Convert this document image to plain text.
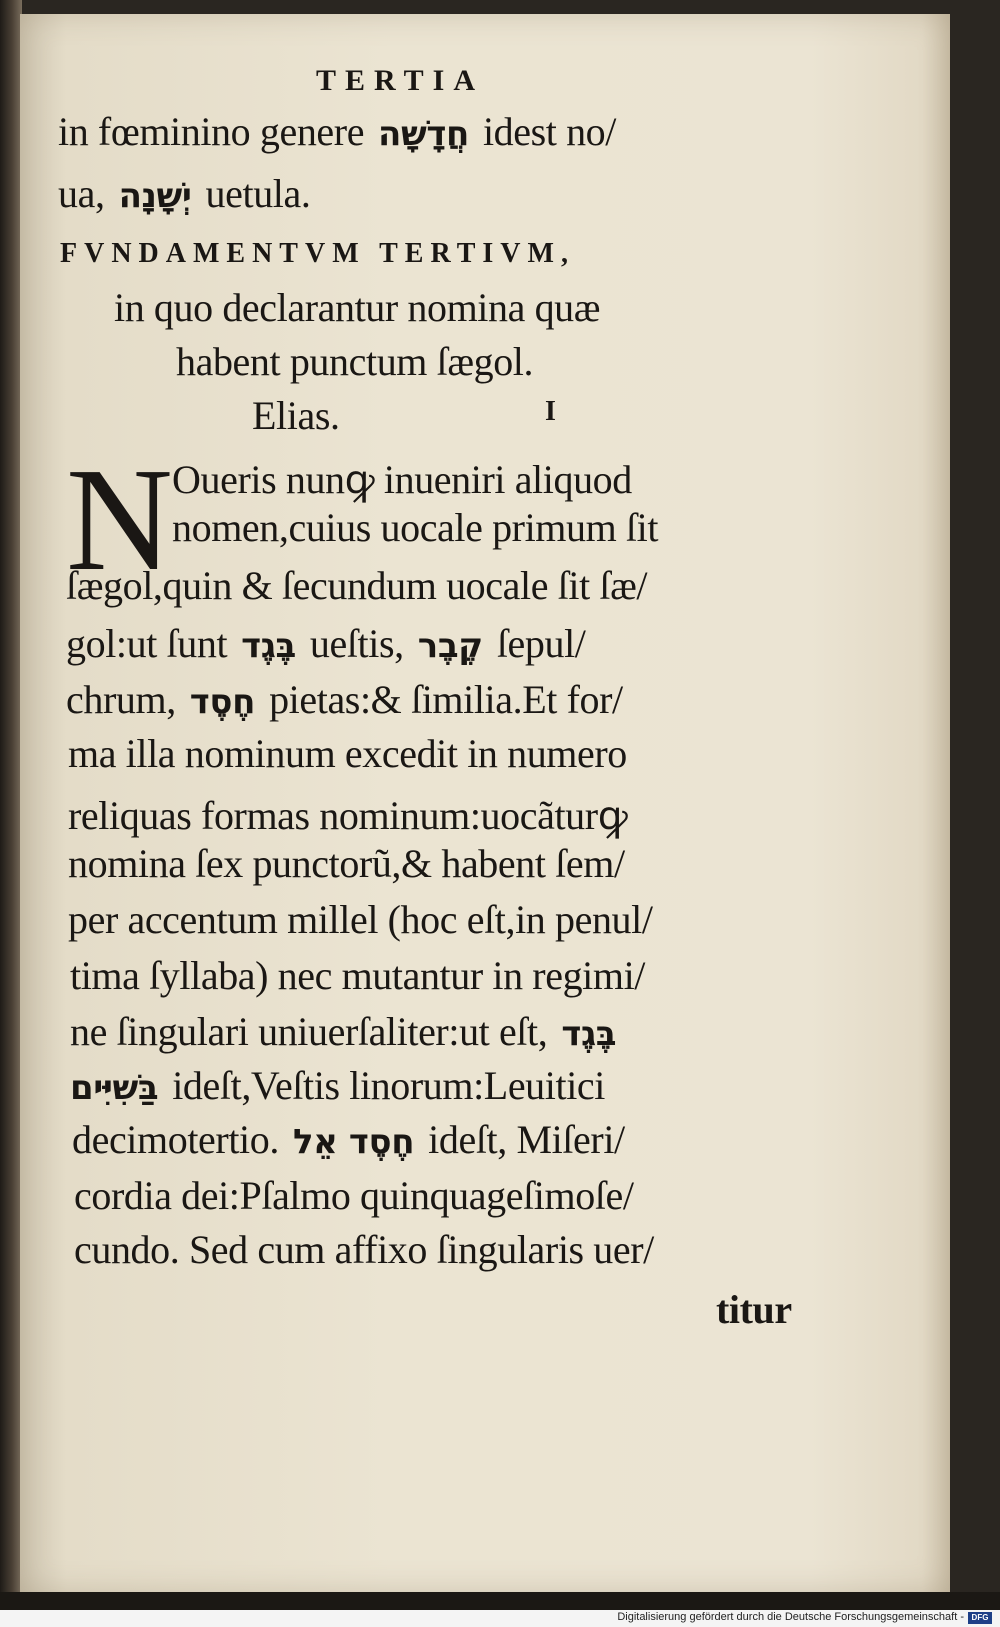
TERTIA
in fœminino genere חֲדָשָׁה idest no/
ua, יְשָׁנָה uetula.
FVNDAMENTVM TERTIVM,
in quo declarantur nomina quæ
habent punctum ſægol.
Elias.	I
N Oueris nunꝙ inueniri aliquod
nomen,cuius uocale primum ſit
ſægol,quin & ſecundum uocale ſit ſæ/
gol:ut ſunt בֶּגֶד ueſtis, קֶבֶר ſepul/
chrum, חֶסֶד pietas:& ſimilia.Et for/
ma illa nominum excedit in numero
reliquas formas nominum:uocãturꝙ
nomina ſex punctorũ,& habent ſem/
per accentum millel (hoc eſt,in penul/
tima ſyllaba) nec mutantur in regimi/
ne ſingulari uniuerſaliter:ut eſt, בֶּגֶד
בַּשִׁיִּים ideſt,Veſtis linorum:Leuitici
decimotertio. חֶסֶד אֵל ideſt, Miſeri/
cordia dei:Pſalmo quinquageſimoſe/
cundo. Sed cum affixo ſingularis uer/
titur
Digitalisierung gefördert durch die Deutsche Forschungsgemeinschaft - DFG
